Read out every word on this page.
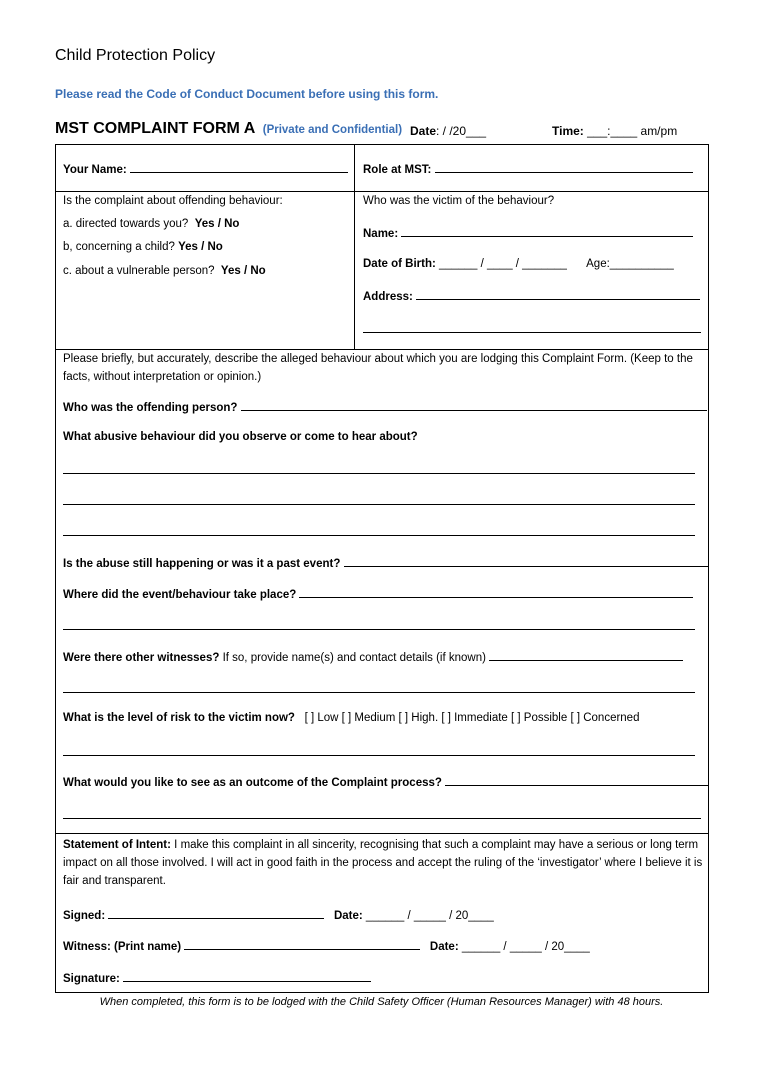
Child Protection Policy
Please read the Code of Conduct Document before using this form.
MST COMPLAINT FORM A (Private and Confidential) Date: / /20___	Time: ___:____ am/pm
Your Name:	Role at MST:
Is the complaint about offending behaviour:
a. directed towards you? Yes / No
b, concerning a child? Yes / No
c. about a vulnerable person? Yes / No
Who was the victim of the behaviour?
Name:
Date of Birth: ______ / ____ / _______ Age:__________
Address:
Please briefly, but accurately, describe the alleged behaviour about which you are lodging this Complaint Form. (Keep to the facts, without interpretation or opinion.)
Who was the offending person?
What abusive behaviour did you observe or come to hear about?
Is the abuse still happening or was it a past event?
Where did the event/behaviour take place?
Were there other witnesses? If so, provide name(s) and contact details (if known)
What is the level of risk to the victim now? [ ] Low [ ] Medium [ ] High. [ ] Immediate [ ] Possible [ ] Concerned
What would you like to see as an outcome of the Complaint process?
Statement of Intent: I make this complaint in all sincerity, recognising that such a complaint may have a serious or long term impact on all those involved. I will act in good faith in the process and accept the ruling of the ‘investigator’ where I believe it is fair and transparent.
Signed:	Date: ______ / _____ / 20____
Witness: (Print name)	Date: ______ / _____ / 20____
Signature:
When completed, this form is to be lodged with the Child Safety Officer (Human Resources Manager) with 48 hours.
